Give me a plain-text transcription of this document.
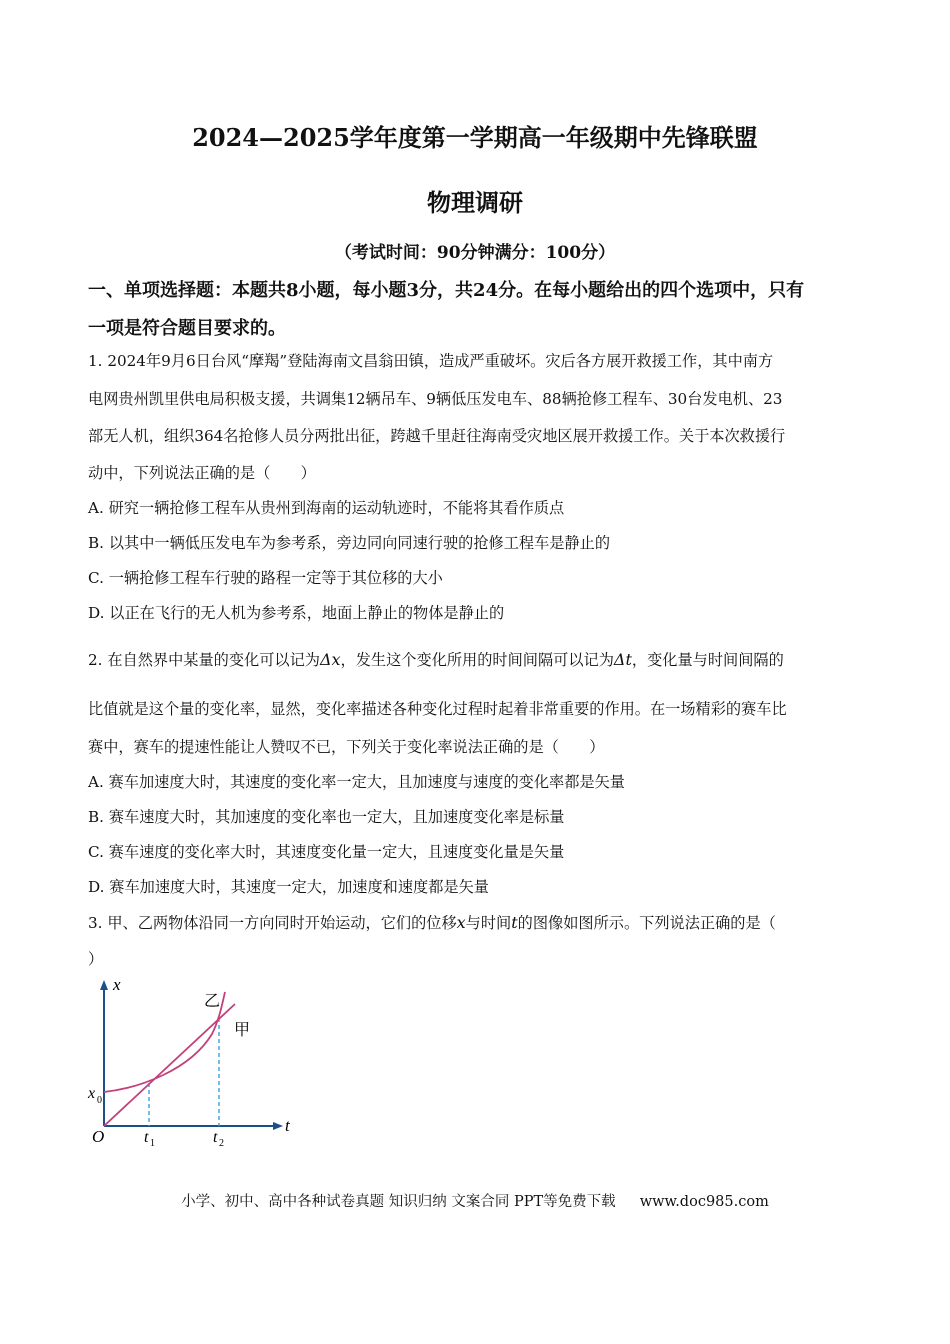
2024—2025学年度第一学期高一年级期中先锋联盟
物理调研
（考试时间：90分钟满分：100分）
一、单项选择题：本题共8小题，每小题3分，共24分。在每小题给出的四个选项中，只有
一项是符合题目要求的。
1. 2024年9月6日台风“摩羯”登陆海南文昌翁田镇，造成严重破坏。灾后各方展开救援工作，其中南方
电网贵州凯里供电局积极支援，共调集12辆吊车、9辆低压发电车、88辆抢修工程车、30台发电机、23
部无人机，组织364名抢修人员分两批出征，跨越千里赶往海南受灾地区展开救援工作。关于本次救援行
动中，下列说法正确的是（　　）
A. 研究一辆抢修工程车从贵州到海南的运动轨迹时，不能将其看作质点
B. 以其中一辆低压发电车为参考系，旁边同向同速行驶的抢修工程车是静止的
C. 一辆抢修工程车行驶的路程一定等于其位移的大小
D. 以正在飞行的无人机为参考系，地面上静止的物体是静止的
2. 在自然界中某量的变化可以记为Δx，发生这个变化所用的时间间隔可以记为Δt，变化量与时间间隔的
比值就是这个量的变化率，显然，变化率描述各种变化过程时起着非常重要的作用。在一场精彩的赛车比
赛中，赛车的提速性能让人赞叹不已，下列关于变化率说法正确的是（　　）
A. 赛车加速度大时，其速度的变化率一定大，且加速度与速度的变化率都是矢量
B. 赛车速度大时，其加速度的变化率也一定大，且加速度变化率是标量
C. 赛车速度的变化率大时，其速度变化量一定大，且速度变化量是矢量
D. 赛车加速度大时，其速度一定大，加速度和速度都是矢量
3. 甲、乙两物体沿同一方向同时开始运动，它们的位移x与时间t的图像如图所示。下列说法正确的是（
）
x
t
O
x 0
t 1	t 2
乙
甲
小学、初中、高中各种试卷真题 知识归纳 文案合同 PPT等免费下载 www.doc985.com
